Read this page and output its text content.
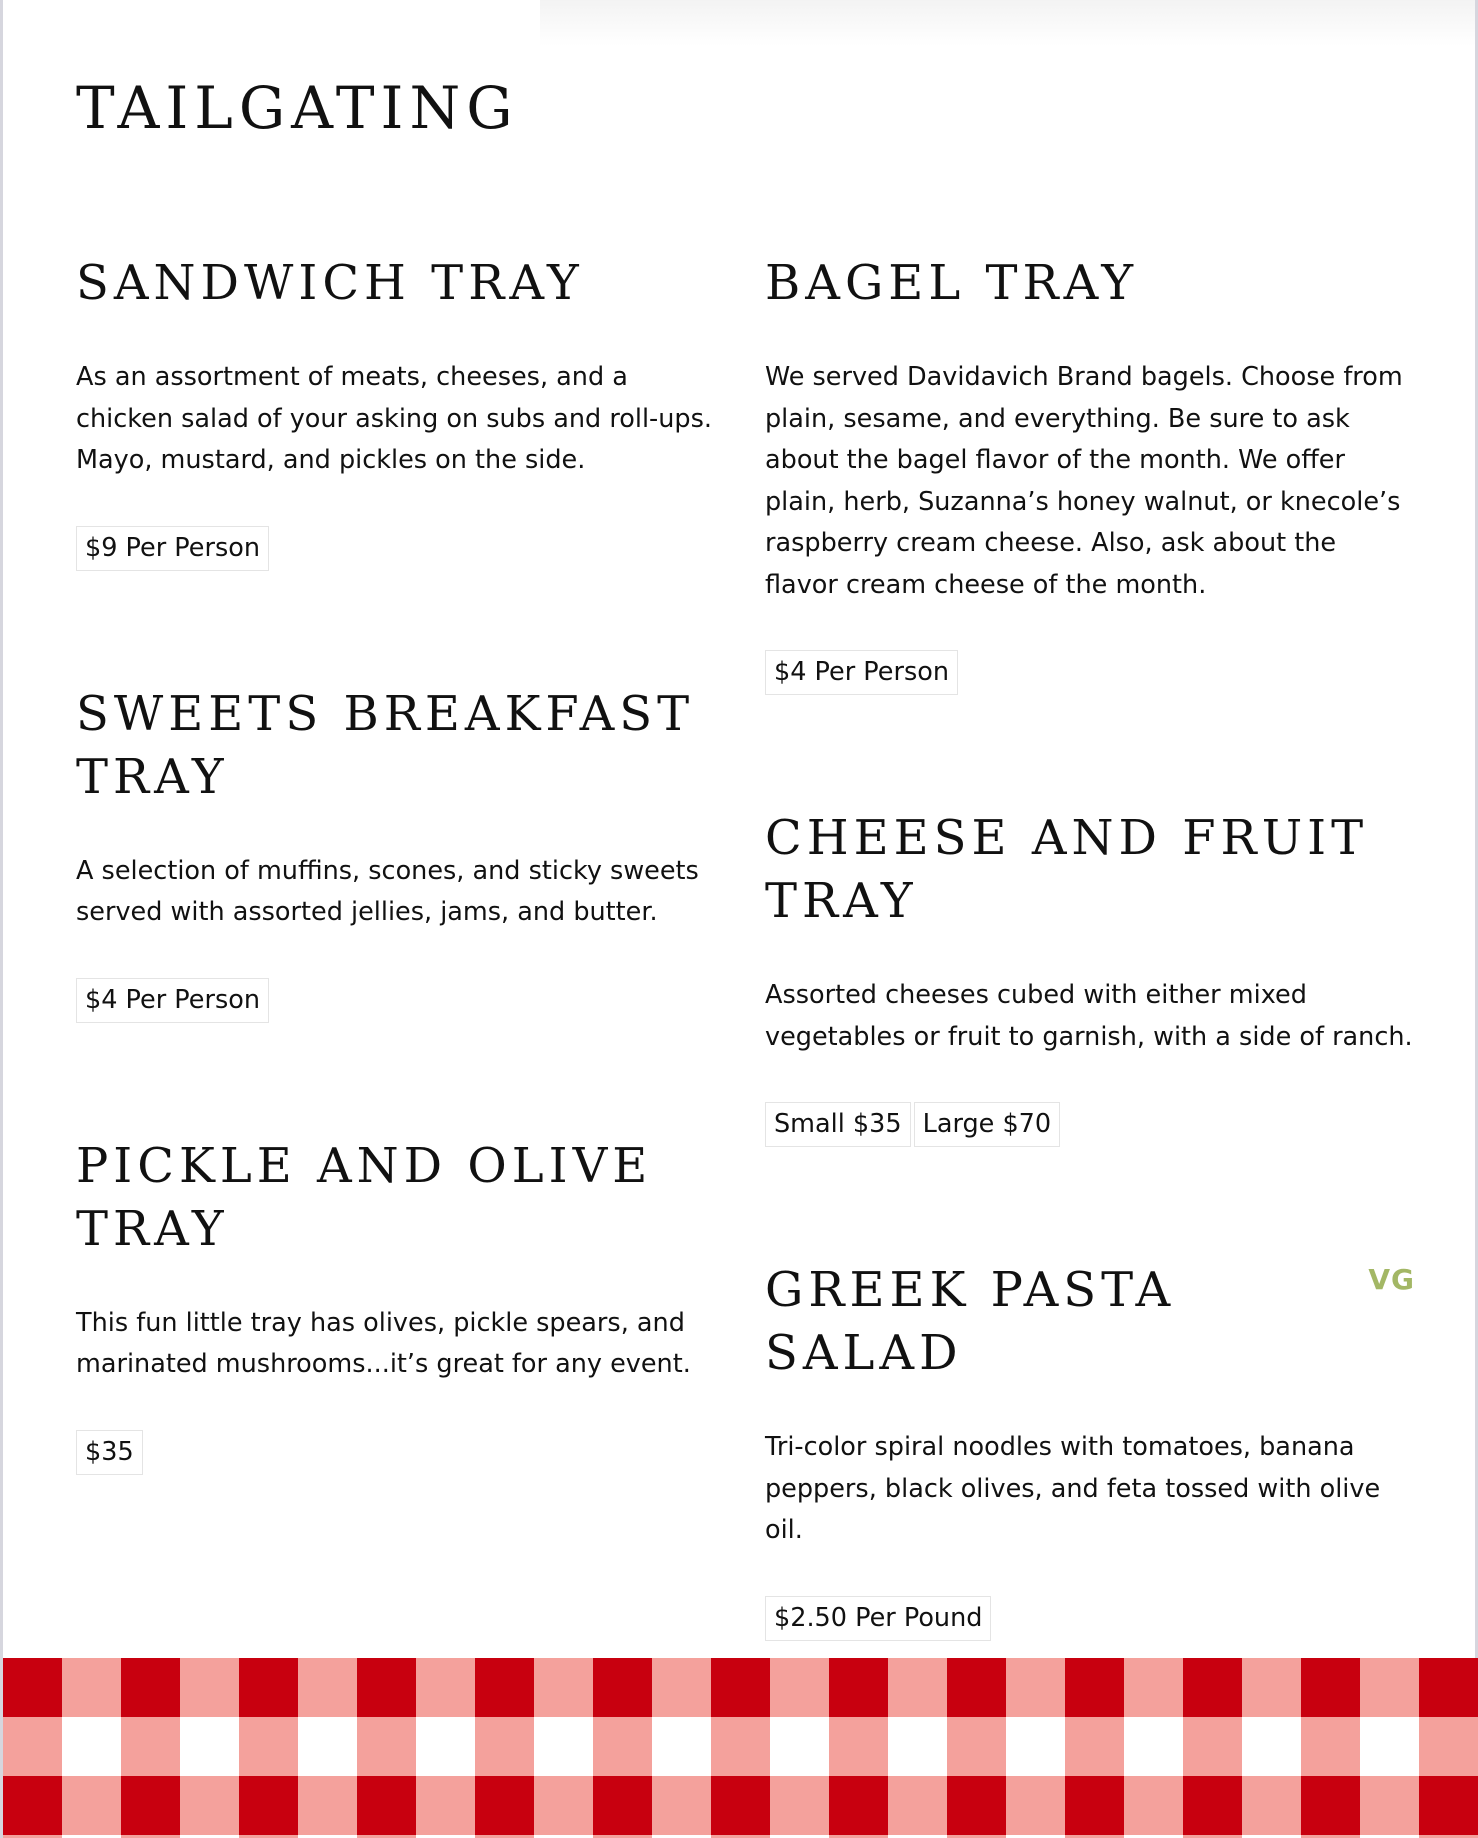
TAILGATING
SANDWICH TRAY

As an assortment of meats, cheeses, and a chicken salad of your asking on subs and roll-ups. Mayo, mustard, and pickles on the side.

$9 Per Person
SWEETS BREAKFAST TRAY

A selection of muffins, scones, and sticky sweets served with assorted jellies, jams, and butter.

$4 Per Person
PICKLE AND OLIVE TRAY

This fun little tray has olives, pickle spears, and marinated mushrooms...it’s great for any event.

$35
BAGEL TRAY

We served Davidavich Brand bagels. Choose from plain, sesame, and everything. Be sure to ask about the bagel flavor of the month. We offer plain, herb, Suzanna’s honey walnut, or knecole’s raspberry cream cheese. Also, ask about the flavor cream cheese of the month.

$4 Per Person
CHEESE AND FRUIT TRAY

Assorted cheeses cubed with either mixed vegetables or fruit to garnish, with a side of ranch.

Small $35 Large $70
GREEK PASTA SALAD
VG

Tri-color spiral noodles with tomatoes, banana peppers, black olives, and feta tossed with olive oil.

$2.50 Per Pound
